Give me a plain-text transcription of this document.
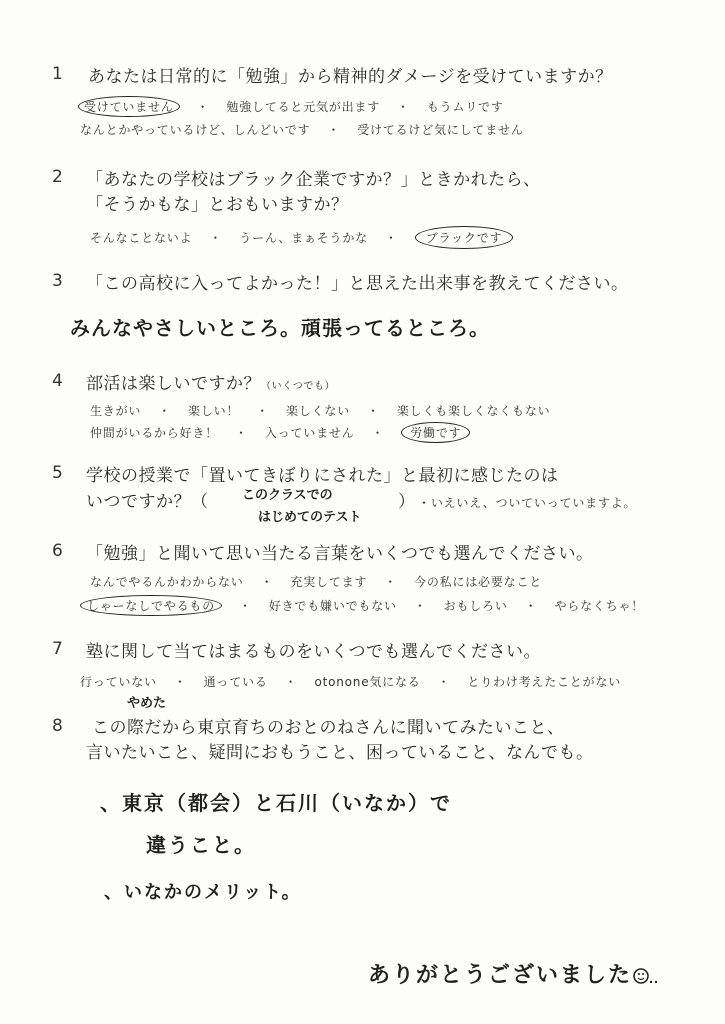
1 あなたは日常的に「勉強」から精神的ダメージを受けていますか？
受けていません ・ 勉強してると元気が出ます ・ もうムリです
なんとかやっているけど、しんどいです ・ 受けてるけど気にしてません
2 「あなたの学校はブラック企業ですか？」ときかれたら、
「そうかもな」とおもいますか？
そんなことないよ ・ うーん、まぁそうかな ・ ブラックです
3 「この高校に入ってよかった！」と思えた出来事を教えてください。
みんなやさしいところ。頑張ってるところ。
4 部活は楽しいですか？（いくつでも）
生きがい ・ 楽しい！ ・ 楽しくない ・ 楽しくも楽しくなくもない
仲間がいるから好き！ ・ 入っていません ・ 労働です
5 学校の授業で「置いてきぼりにされた」と最初に感じたのは
いつですか？（	このクラスでの
はじめてのテスト
） ・いえいえ、ついていっていますよ。
6 「勉強」と聞いて思い当たる言葉をいくつでも選んでください。
なんでやるんかわからない ・ 充実してます ・ 今の私には必要なこと
しゃーなしでやるもの ・ 好きでも嫌いでもない ・ おもしろい ・ やらなくちゃ！
7 塾に関して当てはまるものをいくつでも選んでください。
行っていない ・ 通っている ・ otonone気になる ・ とりわけ考えたことがない
やめた
8 この際だから東京育ちのおとのねさんに聞いてみたいこと、
言いたいこと、疑問におもうこと、困っていること、なんでも。
、東京（都会）と石川（いなか）で
違うこと。
、いなかのメリット。
ありがとうございました
